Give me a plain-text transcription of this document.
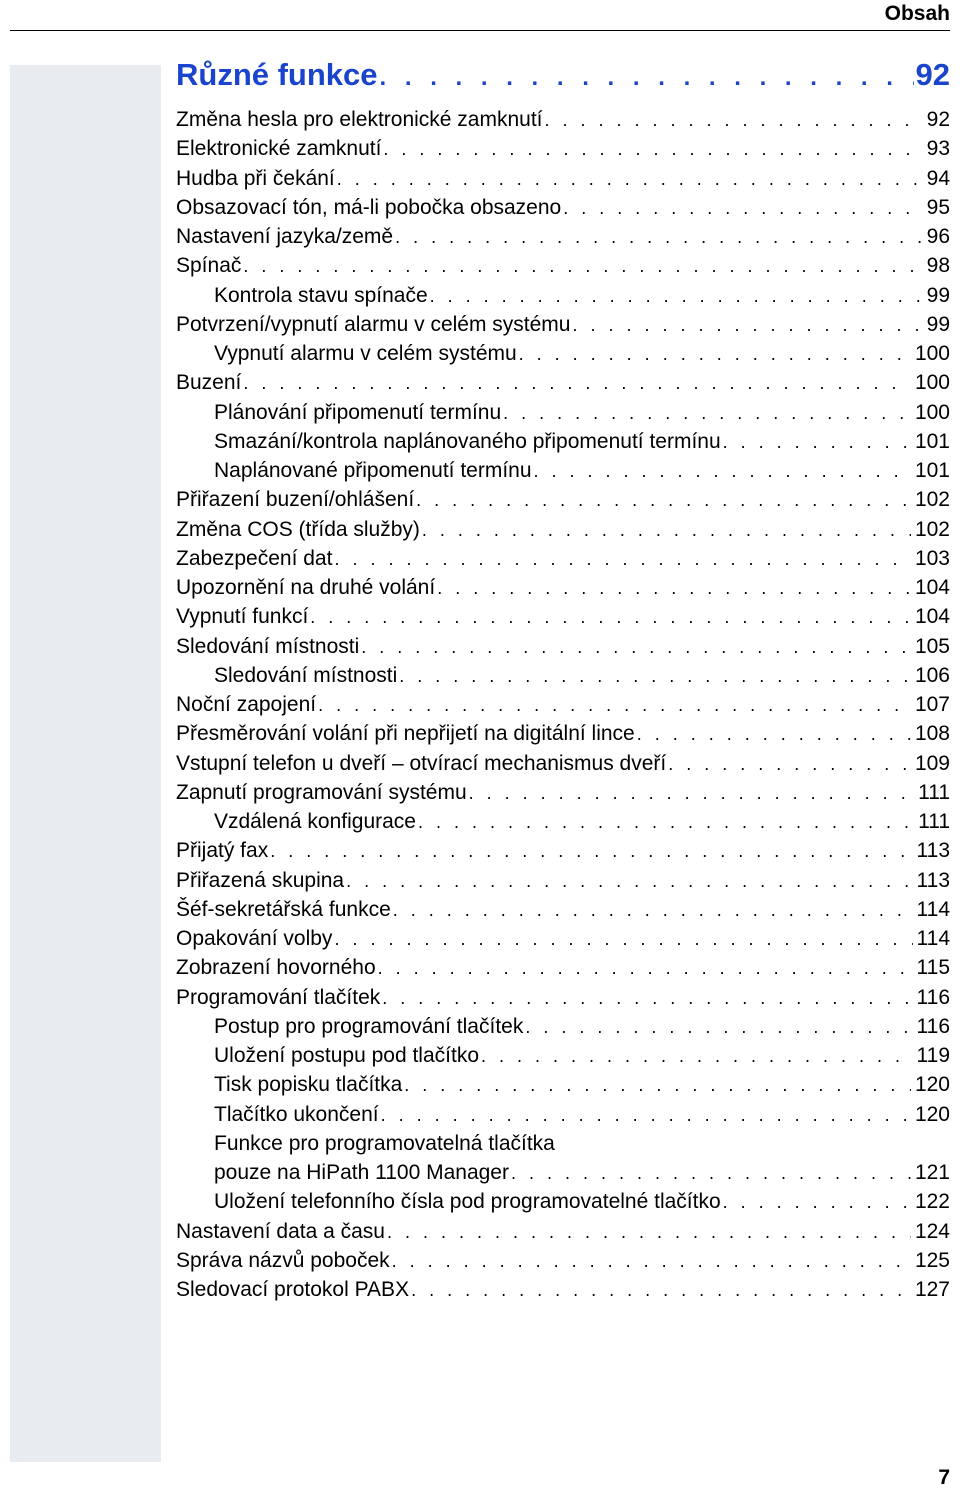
Obsah
Různé funkce . . .	92
Změna hesla pro elektronické zamknutí . . .	92
Elektronické zamknutí . . .	93
Hudba při čekání . . .	94
Obsazovací tón, má-li pobočka obsazeno . . .	95
Nastavení jazyka/země . . .	96
Spínač . . .	98
Kontrola stavu spínače . . .	99
Potvrzení/vypnutí alarmu v celém systému . . .	99
Vypnutí alarmu v celém systému . . .	100
Buzení . . .	100
Plánování připomenutí termínu . . .	100
Smazání/kontrola naplánovaného připomenutí termínu . . .	101
Naplánované připomenutí termínu . . .	101
Přiřazení buzení/ohlášení . . .	102
Změna COS (třída služby) . . .	102
Zabezpečení dat . . .	103
Upozornění na druhé volání . . .	104
Vypnutí funkcí . . .	104
Sledování místnosti . . .	105
Sledování místnosti . . .	106
Noční zapojení . . .	107
Přesměrování volání při nepřijetí na digitální lince . . .	108
Vstupní telefon u dveří – otvírací mechanismus dveří . . .	109
Zapnutí programování systému . . .	111
Vzdálená konfigurace . . .	111
Přijatý fax . . .	113
Přiřazená skupina . . .	113
Šéf-sekretářská funkce . . .	114
Opakování volby . . .	114
Zobrazení hovorného . . .	115
Programování tlačítek . . .	116
Postup pro programování tlačítek . . .	116
Uložení postupu pod tlačítko . . .	119
Tisk popisku tlačítka . . .	120
Tlačítko ukončení . . .	120
Funkce pro programovatelná tlačítka
pouze na HiPath 1100 Manager . . .	121
Uložení telefonního čísla pod programovatelné tlačítko . . .	122
Nastavení data a času . . .	124
Správa názvů poboček . . .	125
Sledovací protokol PABX . . .	127
7
